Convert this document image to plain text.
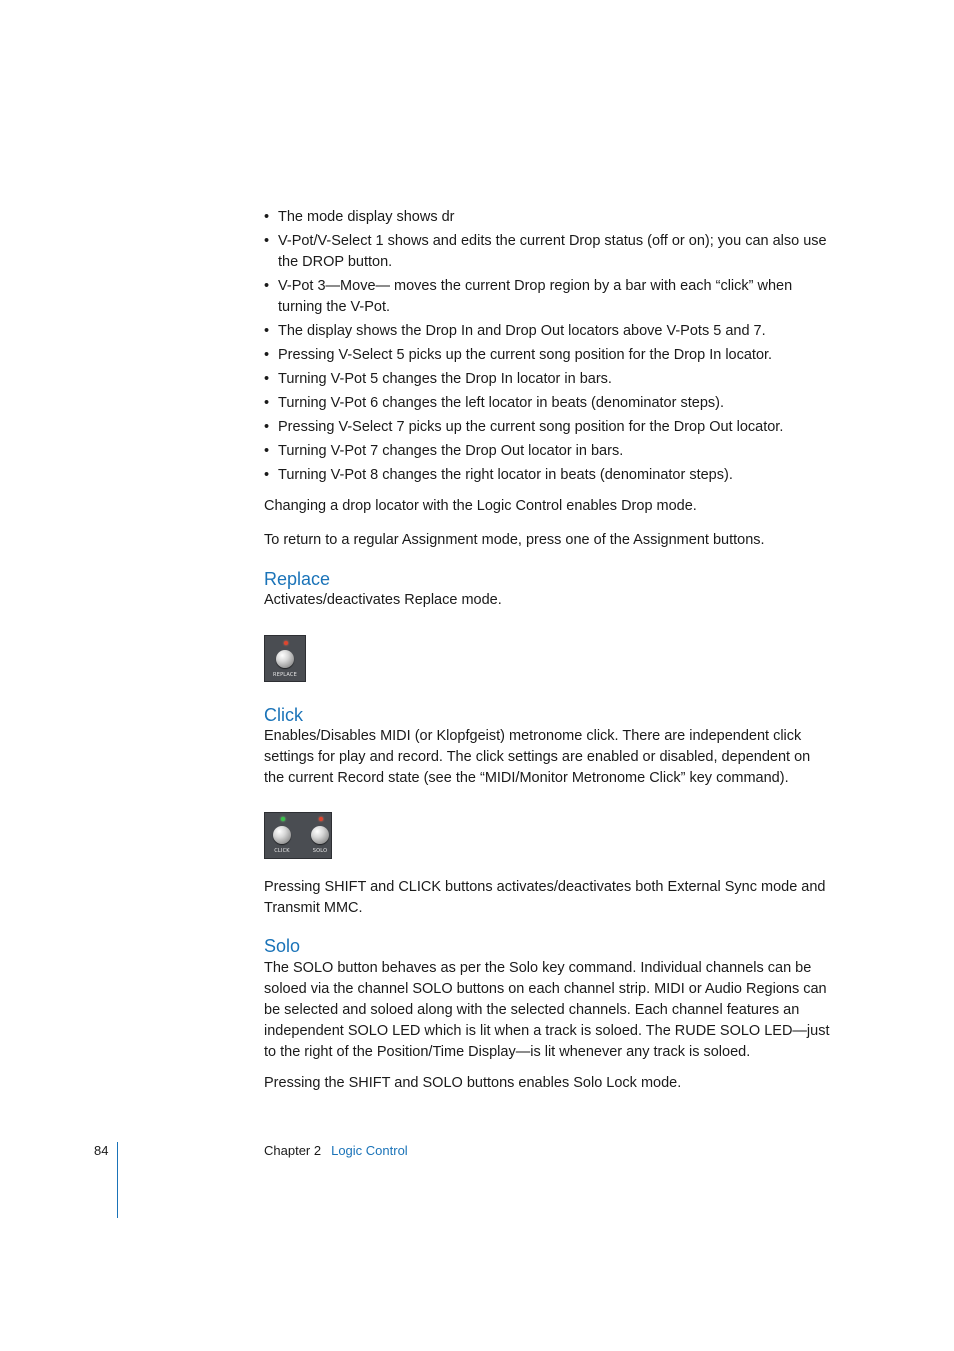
• The mode display shows dr
• V-Pot/V-Select 1 shows and edits the current Drop status (off or on); you can also use the DROP button.
• V-Pot 3—Move— moves the current Drop region by a bar with each “click” when turning the V-Pot.
• The display shows the Drop In and Drop Out locators above V-Pots 5 and 7.
• Pressing V-Select 5 picks up the current song position for the Drop In locator.
• Turning V-Pot 5 changes the Drop In locator in bars.
• Turning V-Pot 6 changes the left locator in beats (denominator steps).
• Pressing V-Select 7 picks up the current song position for the Drop Out locator.
• Turning V-Pot 7 changes the Drop Out locator in bars.
• Turning V-Pot 8 changes the right locator in beats (denominator steps).

Changing a drop locator with the Logic Control enables Drop mode.

To return to a regular Assignment mode, press one of the Assignment buttons.

Replace

Activates/deactivates Replace mode.

REPLACE
Click

Enables/Disables MIDI (or Klopfgeist) metronome click. There are independent click settings for play and record. The click settings are enabled or disabled, dependent on the current Record state (see the “MIDI/Monitor Metronome Click” key command).

CLICK	SOLO

Pressing SHIFT and CLICK buttons activates/deactivates both External Sync mode and Transmit MMC.

Solo

The SOLO button behaves as per the Solo key command. Individual channels can be soloed via the channel SOLO buttons on each channel strip. MIDI or Audio Regions can be selected and soloed along with the selected channels. Each channel features an independent SOLO LED which is lit when a track is soloed. The RUDE SOLO LED—just to the right of the Position/Time Display—is lit whenever any track is soloed.

Pressing the SHIFT and SOLO buttons enables Solo Lock mode.

84	Chapter 2 Logic Control
